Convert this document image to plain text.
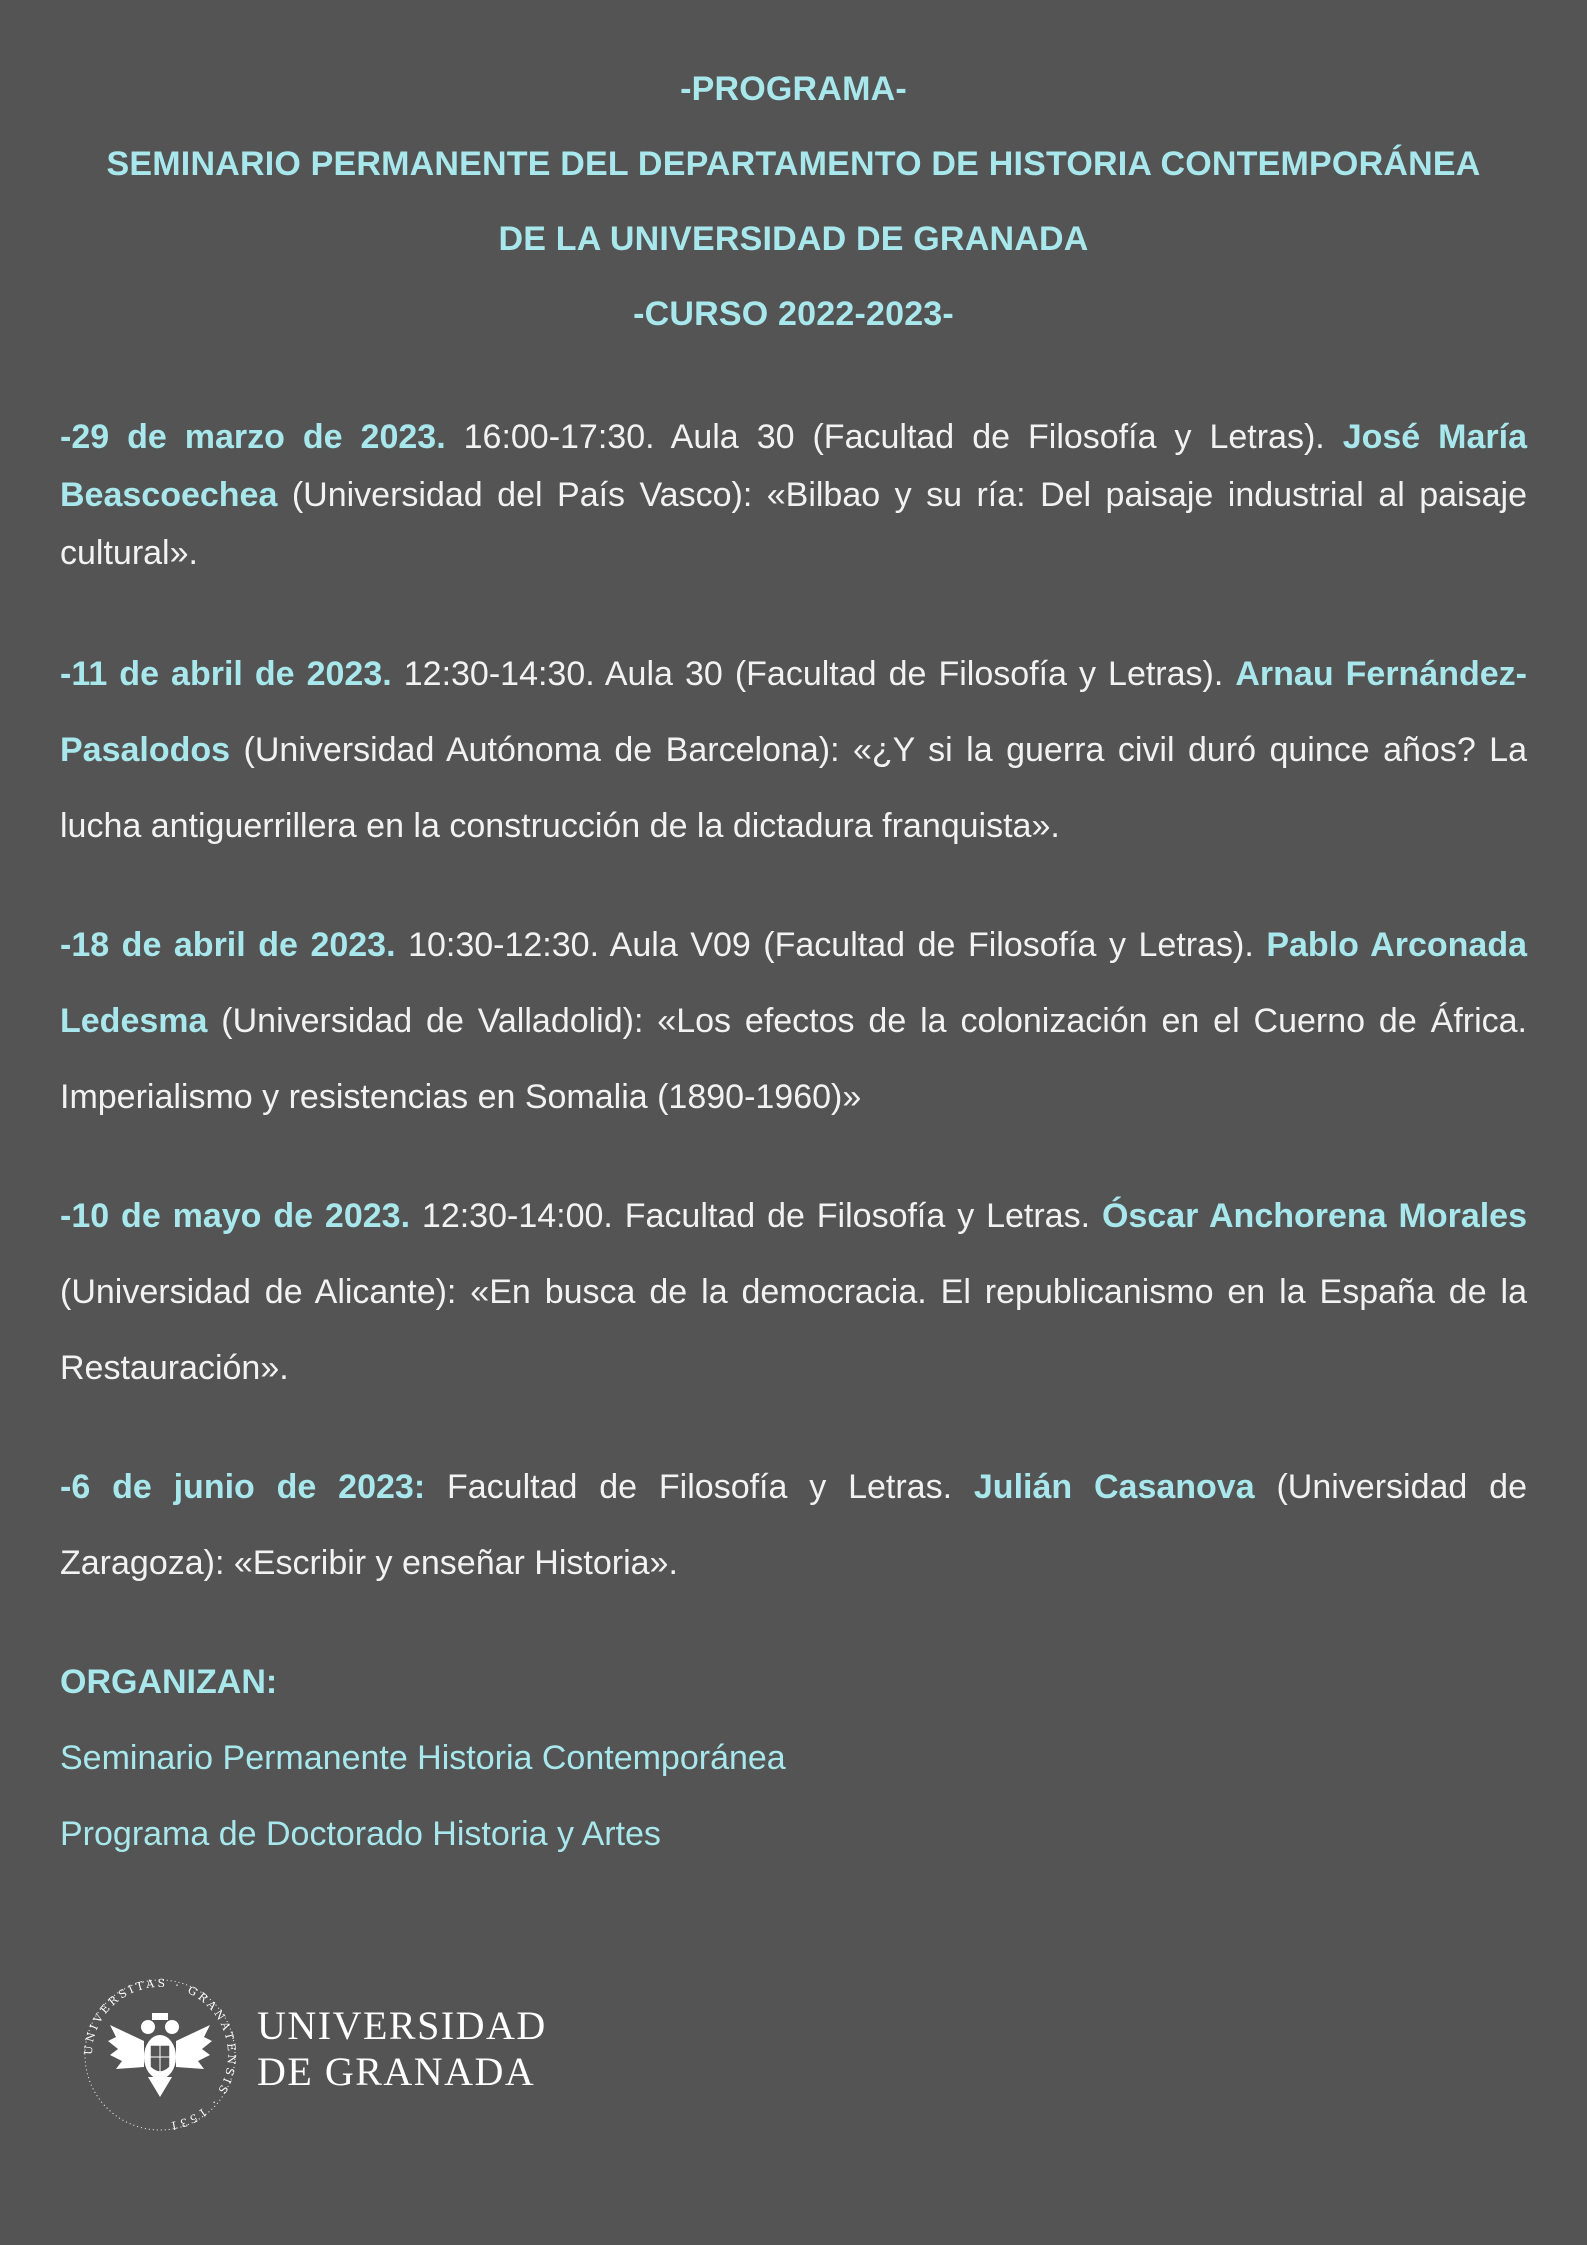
-PROGRAMA-
SEMINARIO PERMANENTE DEL DEPARTAMENTO DE HISTORIA CONTEMPORÁNEA
DE LA UNIVERSIDAD DE GRANADA
-CURSO 2022-2023-

-29 de marzo de 2023. 16:00-17:30. Aula 30 (Facultad de Filosofía y Letras). José María Beascoechea (Universidad del País Vasco): «Bilbao y su ría: Del paisaje industrial al paisaje cultural».

-11 de abril de 2023. 12:30-14:30. Aula 30 (Facultad de Filosofía y Letras). Arnau Fernández-Pasalodos (Universidad Autónoma de Barcelona): «¿Y si la guerra civil duró quince años? La lucha antiguerrillera en la construcción de la dictadura franquista».

-18 de abril de 2023. 10:30-12:30. Aula V09 (Facultad de Filosofía y Letras). Pablo Arconada Ledesma (Universidad de Valladolid): «Los efectos de la colonización en el Cuerno de África. Imperialismo y resistencias en Somalia (1890-1960)»

-10 de mayo de 2023. 12:30-14:00. Facultad de Filosofía y Letras. Óscar Anchorena Morales (Universidad de Alicante): «En busca de la democracia. El republicanismo en la España de la Restauración».

-6 de junio de 2023: Facultad de Filosofía y Letras. Julián Casanova (Universidad de Zaragoza): «Escribir y enseñar Historia».

ORGANIZAN:
Seminario Permanente Historia Contemporánea
Programa de Doctorado Historia y Artes
UNIVERSITAS · GRANATENSIS · 1531
UNIVERSIDAD
DE GRANADA
